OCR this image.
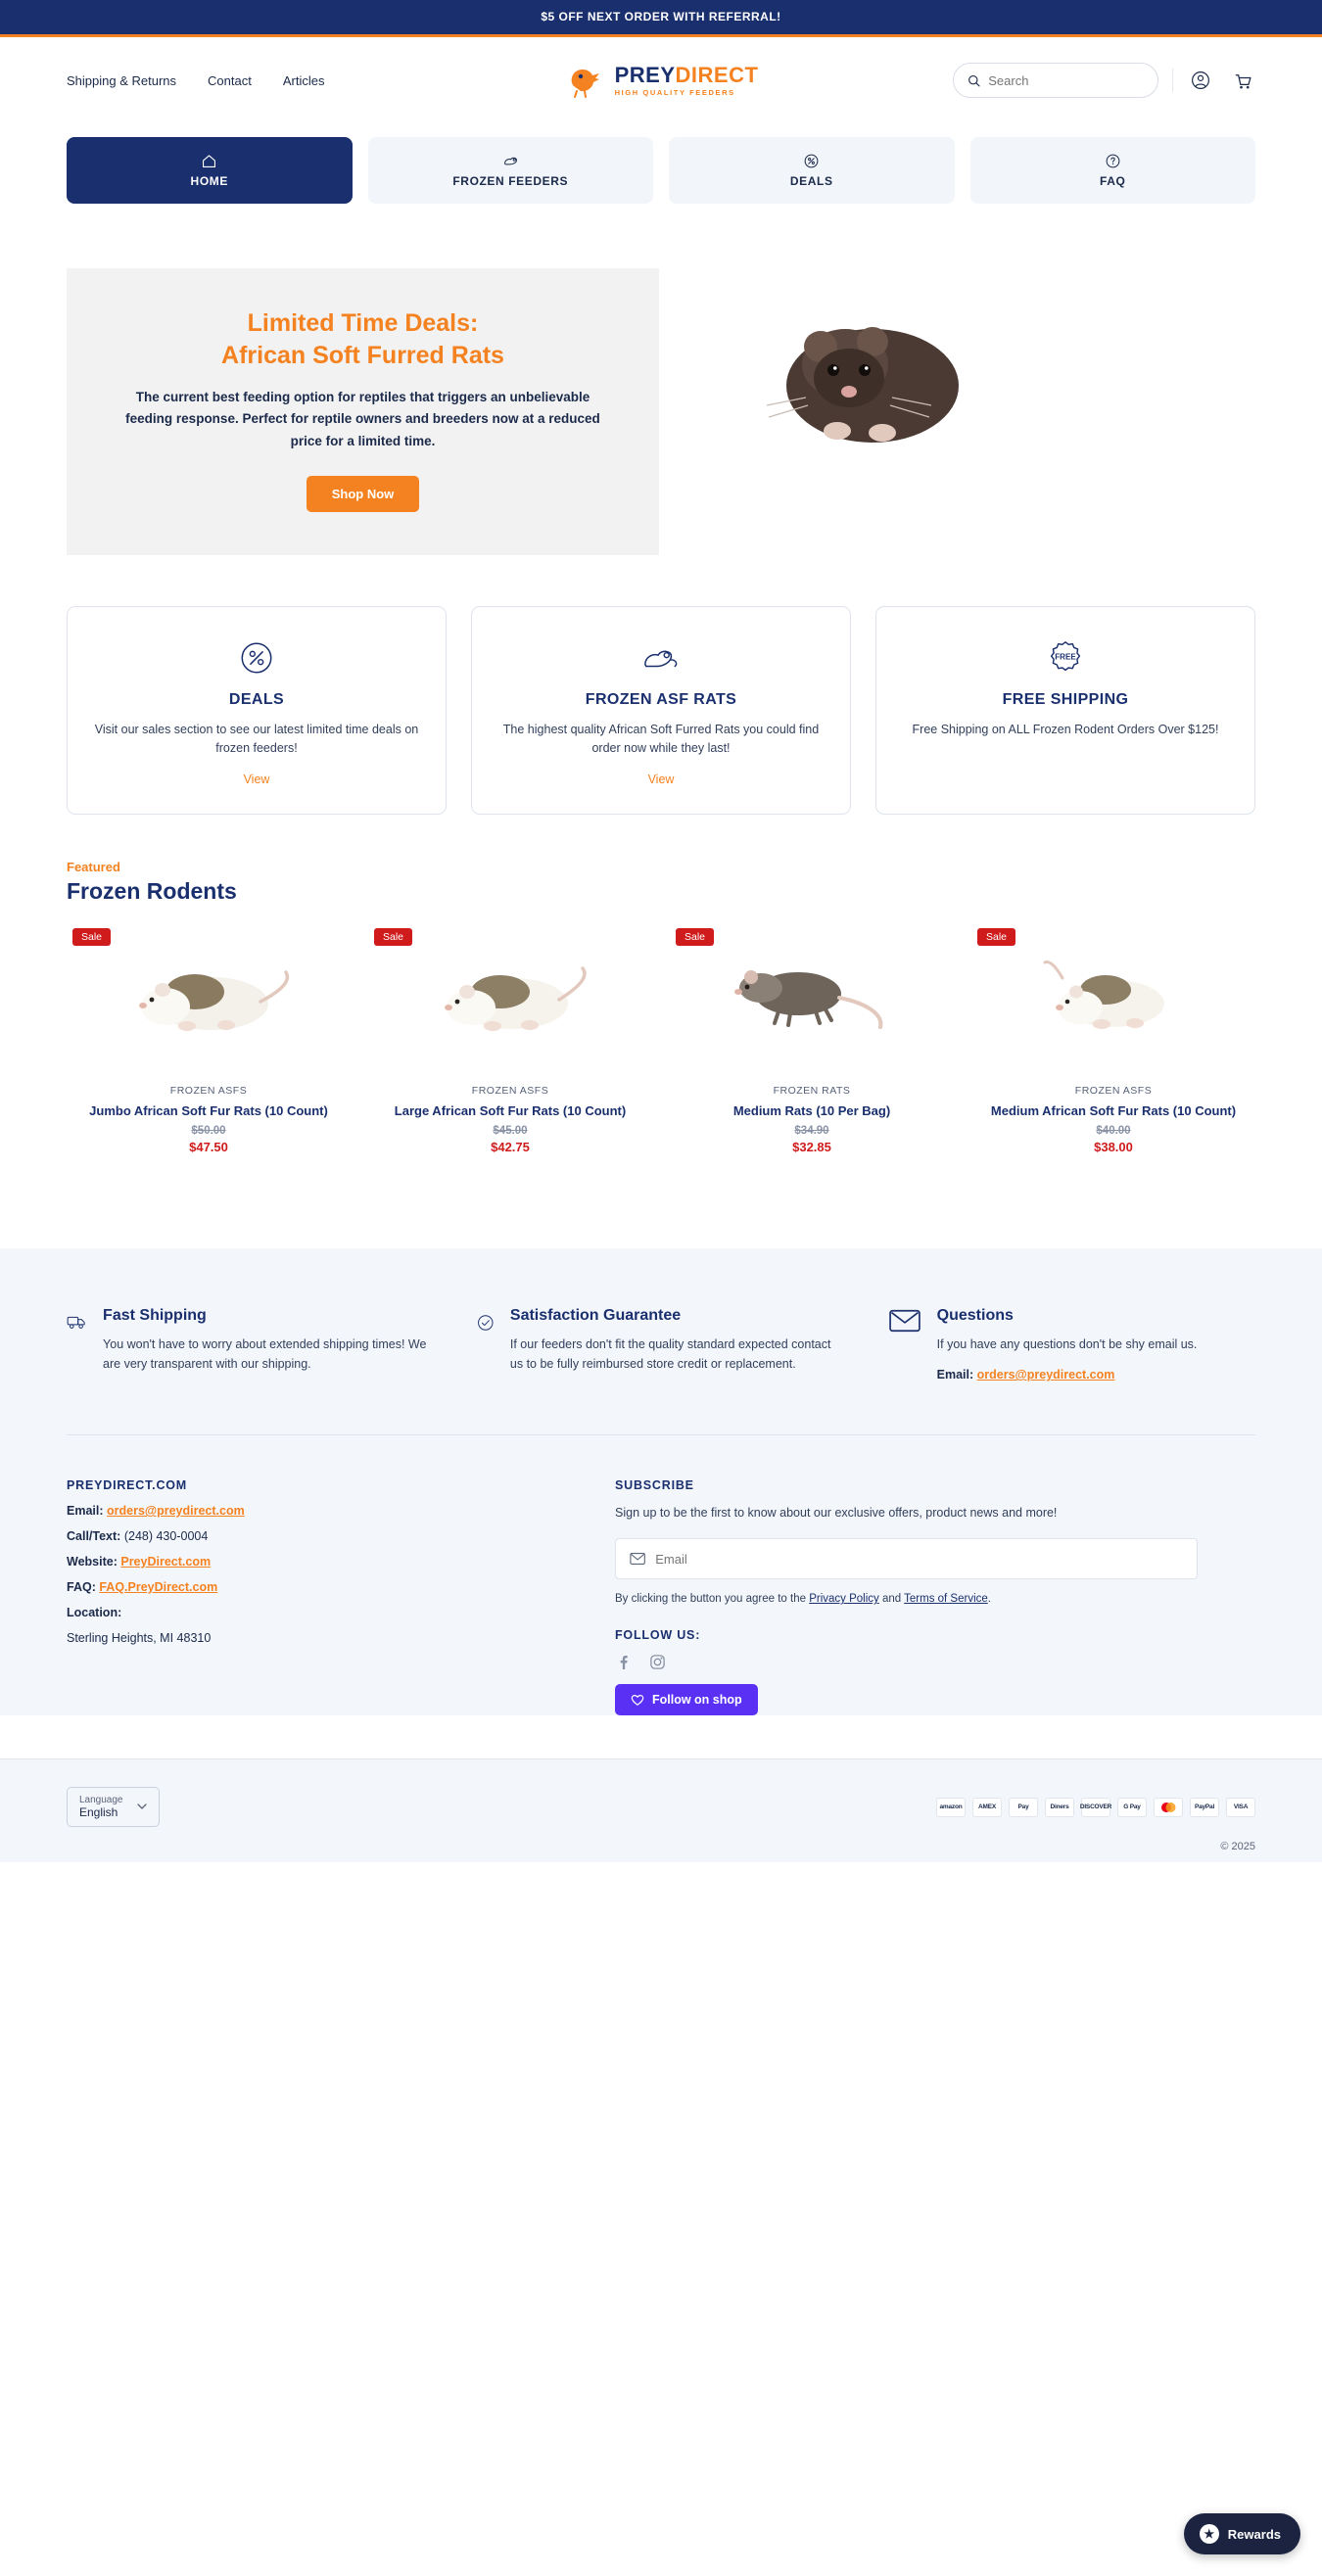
$5 OFF NEXT ORDER WITH REFERRAL!
Shipping & Returns Contact Articles	PREYDIRECT
HIGH QUALITY FEEDERS
Search
HOME	FROZEN FEEDERS	DEALS	FAQ
Limited Time Deals:
African Soft Furred Rats
The current best feeding option for reptiles that triggers an unbelievable feeding response. Perfect for reptile owners and breeders now at a reduced price for a limited time.
Shop Now
DEALS
Visit our sales section to see our latest limited time deals on frozen feeders!
View
FROZEN ASF RATS
The highest quality African Soft Furred Rats you could find order now while they last!
View
FREE
FREE SHIPPING
Free Shipping on ALL Frozen Rodent Orders Over $125!
Featured
Frozen Rodents
Sale
FROZEN ASFS
Jumbo African Soft Fur Rats (10 Count)
$50.00
$47.50
Sale
FROZEN ASFS
Large African Soft Fur Rats (10 Count)
$45.00
$42.75
Sale
FROZEN RATS
Medium Rats (10 Per Bag)
$34.90
$32.85
Sale
FROZEN ASFS
Medium African Soft Fur Rats (10 Count)
$40.00
$38.00
Fast Shipping
You won't have to worry about extended shipping times! We are very transparent with our shipping.
Satisfaction Guarantee
If our feeders don't fit the quality standard expected contact us to be fully reimbursed store credit or replacement.
Questions
If you have any questions don't be shy email us.
Email: orders@preydirect.com
PREYDIRECT.COM
Email: orders@preydirect.com
Call/Text: (248) 430-0004
Website: PreyDirect.com
FAQ: FAQ.PreyDirect.com
Location:
Sterling Heights, MI 48310
SUBSCRIBE
Sign up to be the first to know about our exclusive offers, product news and more!
Email
By clicking the button you agree to the Privacy Policy and Terms of Service.
FOLLOW US:
Follow on shop
Language
English	amazon	AMEX	Pay	Diners	DISCOVER	G Pay	PayPal	VISA
© 2025
★	Rewards
